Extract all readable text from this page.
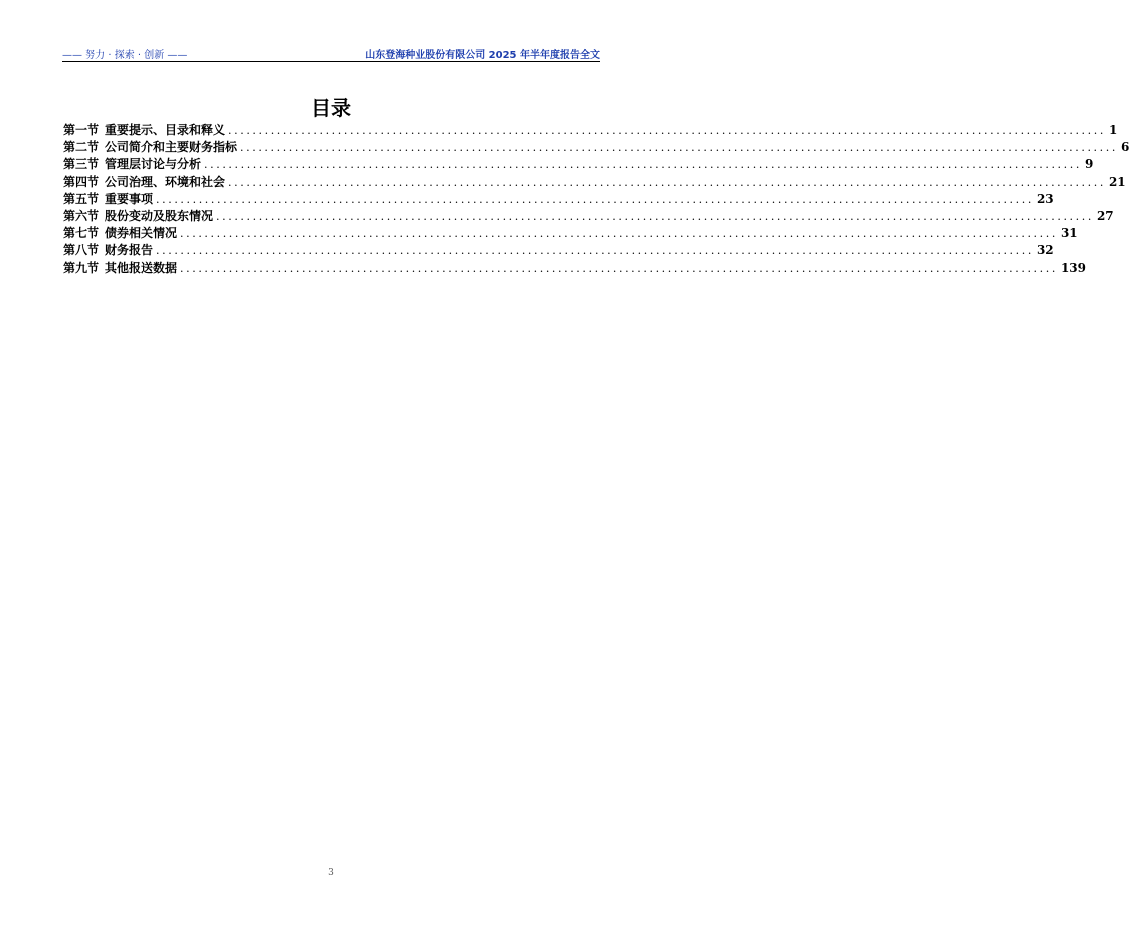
—— 努力 · 探索 · 创新 ——	山东登海种业股份有限公司 2025 年半年度报告全文
目录
第一节 重要提示、目录和释义 ................................................................................................................................................ 1
第二节 公司简介和主要财务指标 ................................................................................................................................................ 6
第三节 管理层讨论与分析 ................................................................................................................................................ 9
第四节 公司治理、环境和社会 ................................................................................................................................................ 21
第五节 重要事项 ................................................................................................................................................ 23
第六节 股份变动及股东情况 ................................................................................................................................................ 27
第七节 债券相关情况 ................................................................................................................................................ 31
第八节 财务报告 ................................................................................................................................................ 32
第九节 其他报送数据 ................................................................................................................................................ 139
3
